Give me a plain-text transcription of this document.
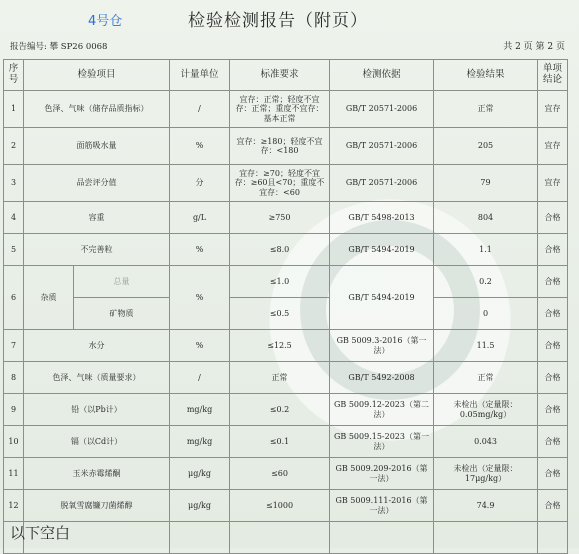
4号仓	检验检测报告（附页）
报告编号: 攀 SP26 0068	共 2 页 第 2 页
序号	检验项目		计量单位	标准要求	检测依据	检验结果	单项结论
1	色泽、气味（储存品质指标）		/	宜存：正常；轻度不宜存：正常；重度不宜存：基本正常	GB/T 20571-2006	正常	宜存
2	面筋吸水量		%	宜存：≥180；轻度不宜存：<180	GB/T 20571-2006	205	宜存
3	品尝评分值		分	宜存：≥70；轻度不宜存：≥60且<70；重度不宜存：<60	GB/T 20571-2006	79	宜存
4	容重		g/L	≥750	GB/T 5498-2013	804	合格
5	不完善粒		%	≤8.0	GB/T 5494-2019	1.1	合格
6	杂质	总量	%	≤1.0	GB/T 5494-2019	0.2	合格
		矿物质		≤0.5		0	合格
7	水分		%	≤12.5	GB 5009.3-2016（第一法）	11.5	合格
8	色泽、气味（质量要求）		/	正常	GB/T 5492-2008	正常	合格
9	铅（以Pb计）		mg/kg	≤0.2	GB 5009.12-2023（第二法）	未检出（定量限：0.05mg/kg）	合格
10	镉（以Cd计）		mg/kg	≤0.1	GB 5009.15-2023（第一法）	0.043	合格
11	玉米赤霉烯酮		μg/kg	≤60	GB 5009.209-2016（第一法）	未检出（定量限：17μg/kg）	合格
12	脱氧雪腐镰刀菌烯醇		μg/kg	≤1000	GB 5009.111-2016（第一法）	74.9	合格

以下空白
